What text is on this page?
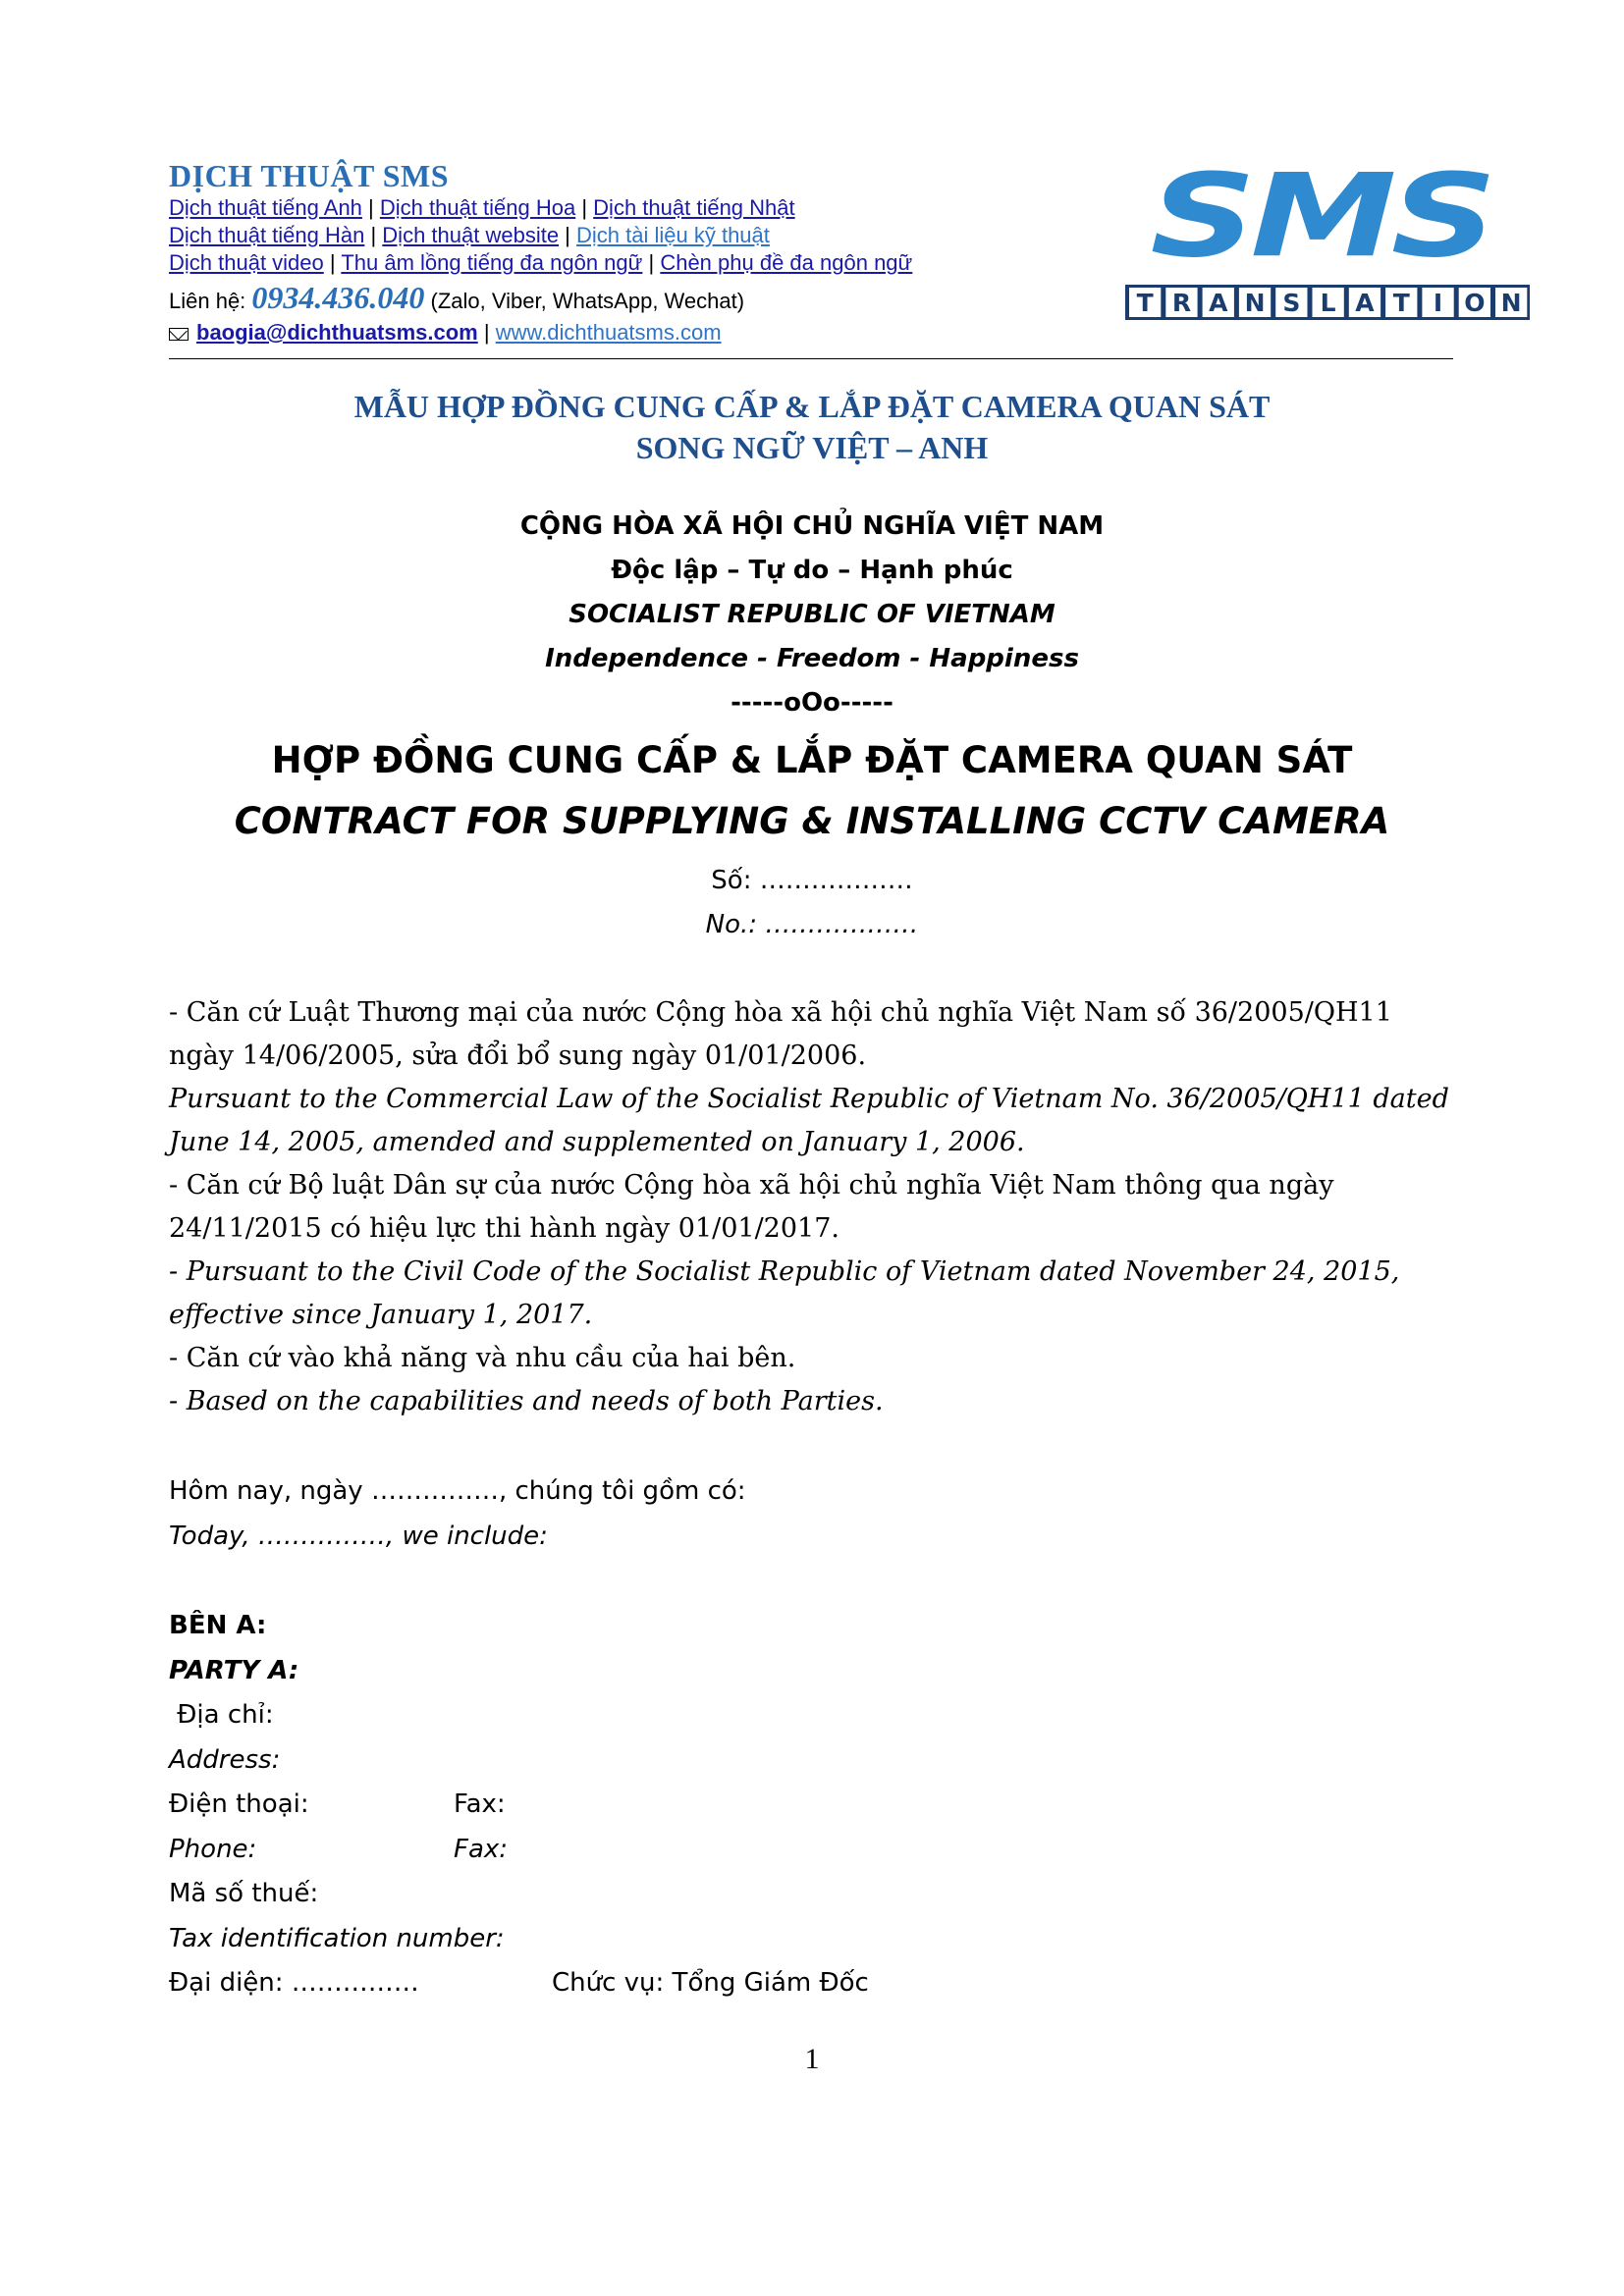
DỊCH THUẬT SMS
Dịch thuật tiếng Anh | Dịch thuật tiếng Hoa | Dịch thuật tiếng Nhật
Dịch thuật tiếng Hàn | Dịch thuật website | Dịch tài liệu kỹ thuật
Dịch thuật video | Thu âm lồng tiếng đa ngôn ngữ | Chèn phụ đề đa ngôn ngữ
Liên hệ: 0934.436.040 (Zalo, Viber, WhatsApp, Wechat)
baogia@dichthuatsms.com | www.dichthuatsms.com
SMS
T R A N S L A T I O N
MẪU HỢP ĐỒNG CUNG CẤP & LẮP ĐẶT CAMERA QUAN SÁT
SONG NGỮ VIỆT – ANH
CỘNG HÒA XÃ HỘI CHỦ NGHĨA VIỆT NAM
Độc lập – Tự do – Hạnh phúc
SOCIALIST REPUBLIC OF VIETNAM
Independence - Freedom - Happiness
-----oOo-----
HỢP ĐỒNG CUNG CẤP & LẮP ĐẶT CAMERA QUAN SÁT
CONTRACT FOR SUPPLYING & INSTALLING CCTV CAMERA
Số: ………………
No.: ………………
- Căn cứ Luật Thương mại của nước Cộng hòa xã hội chủ nghĩa Việt Nam số 36/2005/QH11 ngày 14/06/2005, sửa đổi bổ sung ngày 01/01/2006.
Pursuant to the Commercial Law of the Socialist Republic of Vietnam No. 36/2005/QH11 dated June 14, 2005, amended and supplemented on January 1, 2006.
- Căn cứ Bộ luật Dân sự của nước Cộng hòa xã hội chủ nghĩa Việt Nam thông qua ngày 24/11/2015 có hiệu lực thi hành ngày 01/01/2017.
- Pursuant to the Civil Code of the Socialist Republic of Vietnam dated November 24, 2015, effective since January 1, 2017.
- Căn cứ vào khả năng và nhu cầu của hai bên.
- Based on the capabilities and needs of both Parties.
Hôm nay, ngày ……………, chúng tôi gồm có:
Today, ……………, we include:
BÊN A:
PARTY A:
Địa chỉ:
Address:
Điện thoại:	Fax:
Phone:	Fax:
Mã số thuế:
Tax identification number:
Đại diện: ……………	Chức vụ: Tổng Giám Đốc
1
